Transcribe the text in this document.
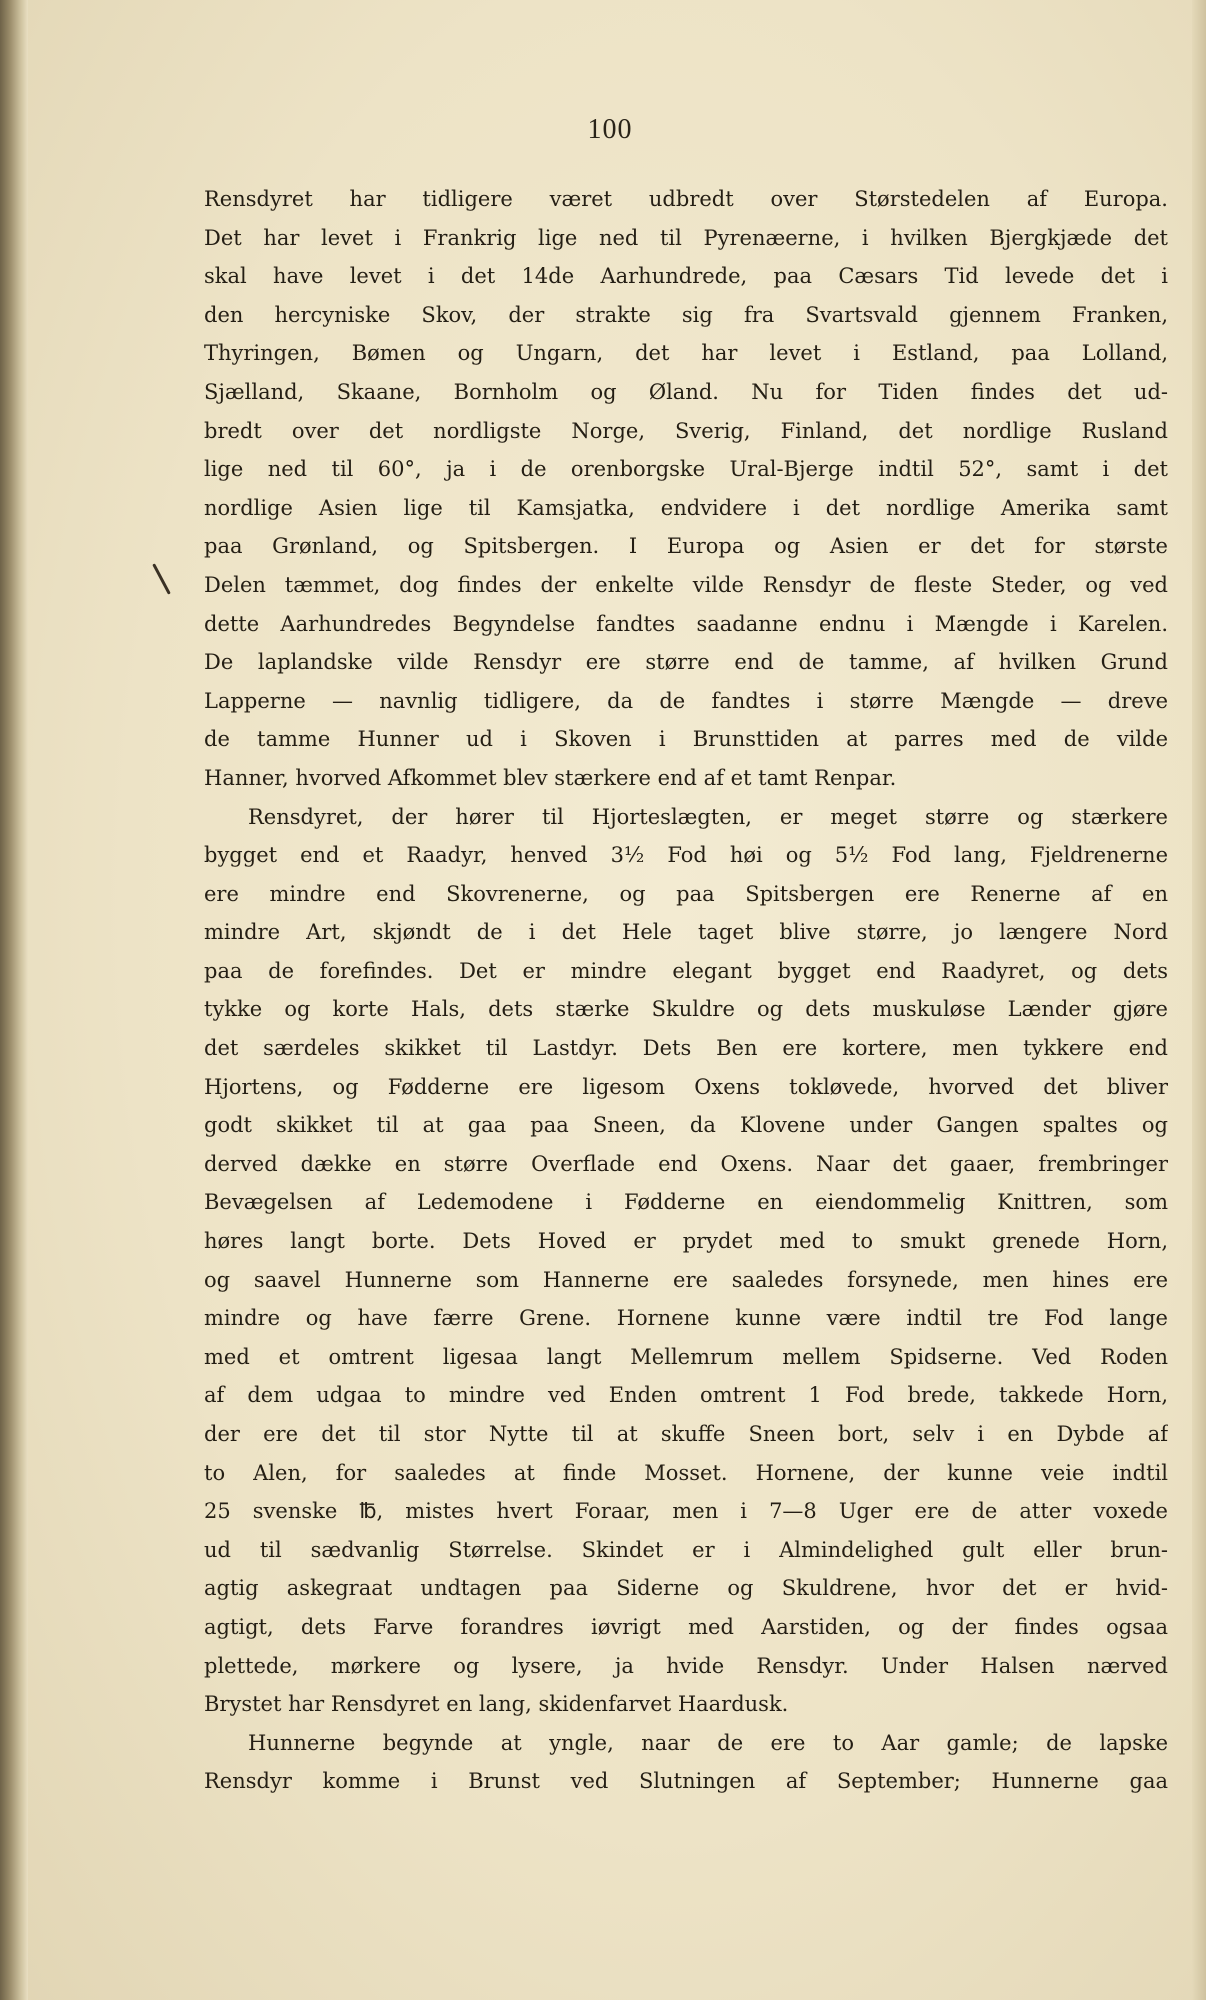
100
Rensdyret har tidligere været udbredt over Størstedelen af Europa.
Det har levet i Frankrig lige ned til Pyrenæerne, i hvilken Bjergkjæde det
skal have levet i det 14de Aarhundrede, paa Cæsars Tid levede det i
den hercyniske Skov, der strakte sig fra Svartsvald gjennem Franken,
Thyringen, Bømen og Ungarn, det har levet i Estland, paa Lolland,
Sjælland, Skaane, Bornholm og Øland. Nu for Tiden findes det ud-
bredt over det nordligste Norge, Sverig, Finland, det nordlige Rusland
lige ned til 60°, ja i de orenborgske Ural-Bjerge indtil 52°, samt i det
nordlige Asien lige til Kamsjatka, endvidere i det nordlige Amerika samt
paa Grønland, og Spitsbergen. I Europa og Asien er det for største
Delen tæmmet, dog findes der enkelte vilde Rensdyr de fleste Steder, og ved
dette Aarhundredes Begyndelse fandtes saadanne endnu i Mængde i Karelen.
De laplandske vilde Rensdyr ere større end de tamme, af hvilken Grund
Lapperne — navnlig tidligere, da de fandtes i større Mængde — dreve
de tamme Hunner ud i Skoven i Brunsttiden at parres med de vilde
Hanner, hvorved Afkommet blev stærkere end af et tamt Renpar.
Rensdyret, der hører til Hjorteslægten, er meget større og stærkere
bygget end et Raadyr, henved 3½ Fod høi og 5½ Fod lang, Fjeldrenerne
ere mindre end Skovrenerne, og paa Spitsbergen ere Renerne af en
mindre Art, skjøndt de i det Hele taget blive større, jo længere Nord
paa de forefindes. Det er mindre elegant bygget end Raadyret, og dets
tykke og korte Hals, dets stærke Skuldre og dets muskuløse Lænder gjøre
det særdeles skikket til Lastdyr. Dets Ben ere kortere, men tykkere end
Hjortens, og Fødderne ere ligesom Oxens tokløvede, hvorved det bliver
godt skikket til at gaa paa Sneen, da Klovene under Gangen spaltes og
derved dække en større Overflade end Oxens. Naar det gaaer, frembringer
Bevægelsen af Ledemodene i Fødderne en eiendommelig Knittren, som
høres langt borte. Dets Hoved er prydet med to smukt grenede Horn,
og saavel Hunnerne som Hannerne ere saaledes forsynede, men hines ere
mindre og have færre Grene. Hornene kunne være indtil tre Fod lange
med et omtrent ligesaa langt Mellemrum mellem Spidserne. Ved Roden
af dem udgaa to mindre ved Enden omtrent 1 Fod brede, takkede Horn,
der ere det til stor Nytte til at skuffe Sneen bort, selv i en Dybde af
to Alen, for saaledes at finde Mosset. Hornene, der kunne veie indtil
25 svenske ℔, mistes hvert Foraar, men i 7—8 Uger ere de atter voxede
ud til sædvanlig Størrelse. Skindet er i Almindelighed gult eller brun-
agtig askegraat undtagen paa Siderne og Skuldrene, hvor det er hvid-
agtigt, dets Farve forandres iøvrigt med Aarstiden, og der findes ogsaa
plettede, mørkere og lysere, ja hvide Rensdyr. Under Halsen nærved
Brystet har Rensdyret en lang, skidenfarvet Haardusk.
Hunnerne begynde at yngle, naar de ere to Aar gamle; de lapske
Rensdyr komme i Brunst ved Slutningen af September; Hunnerne gaa
